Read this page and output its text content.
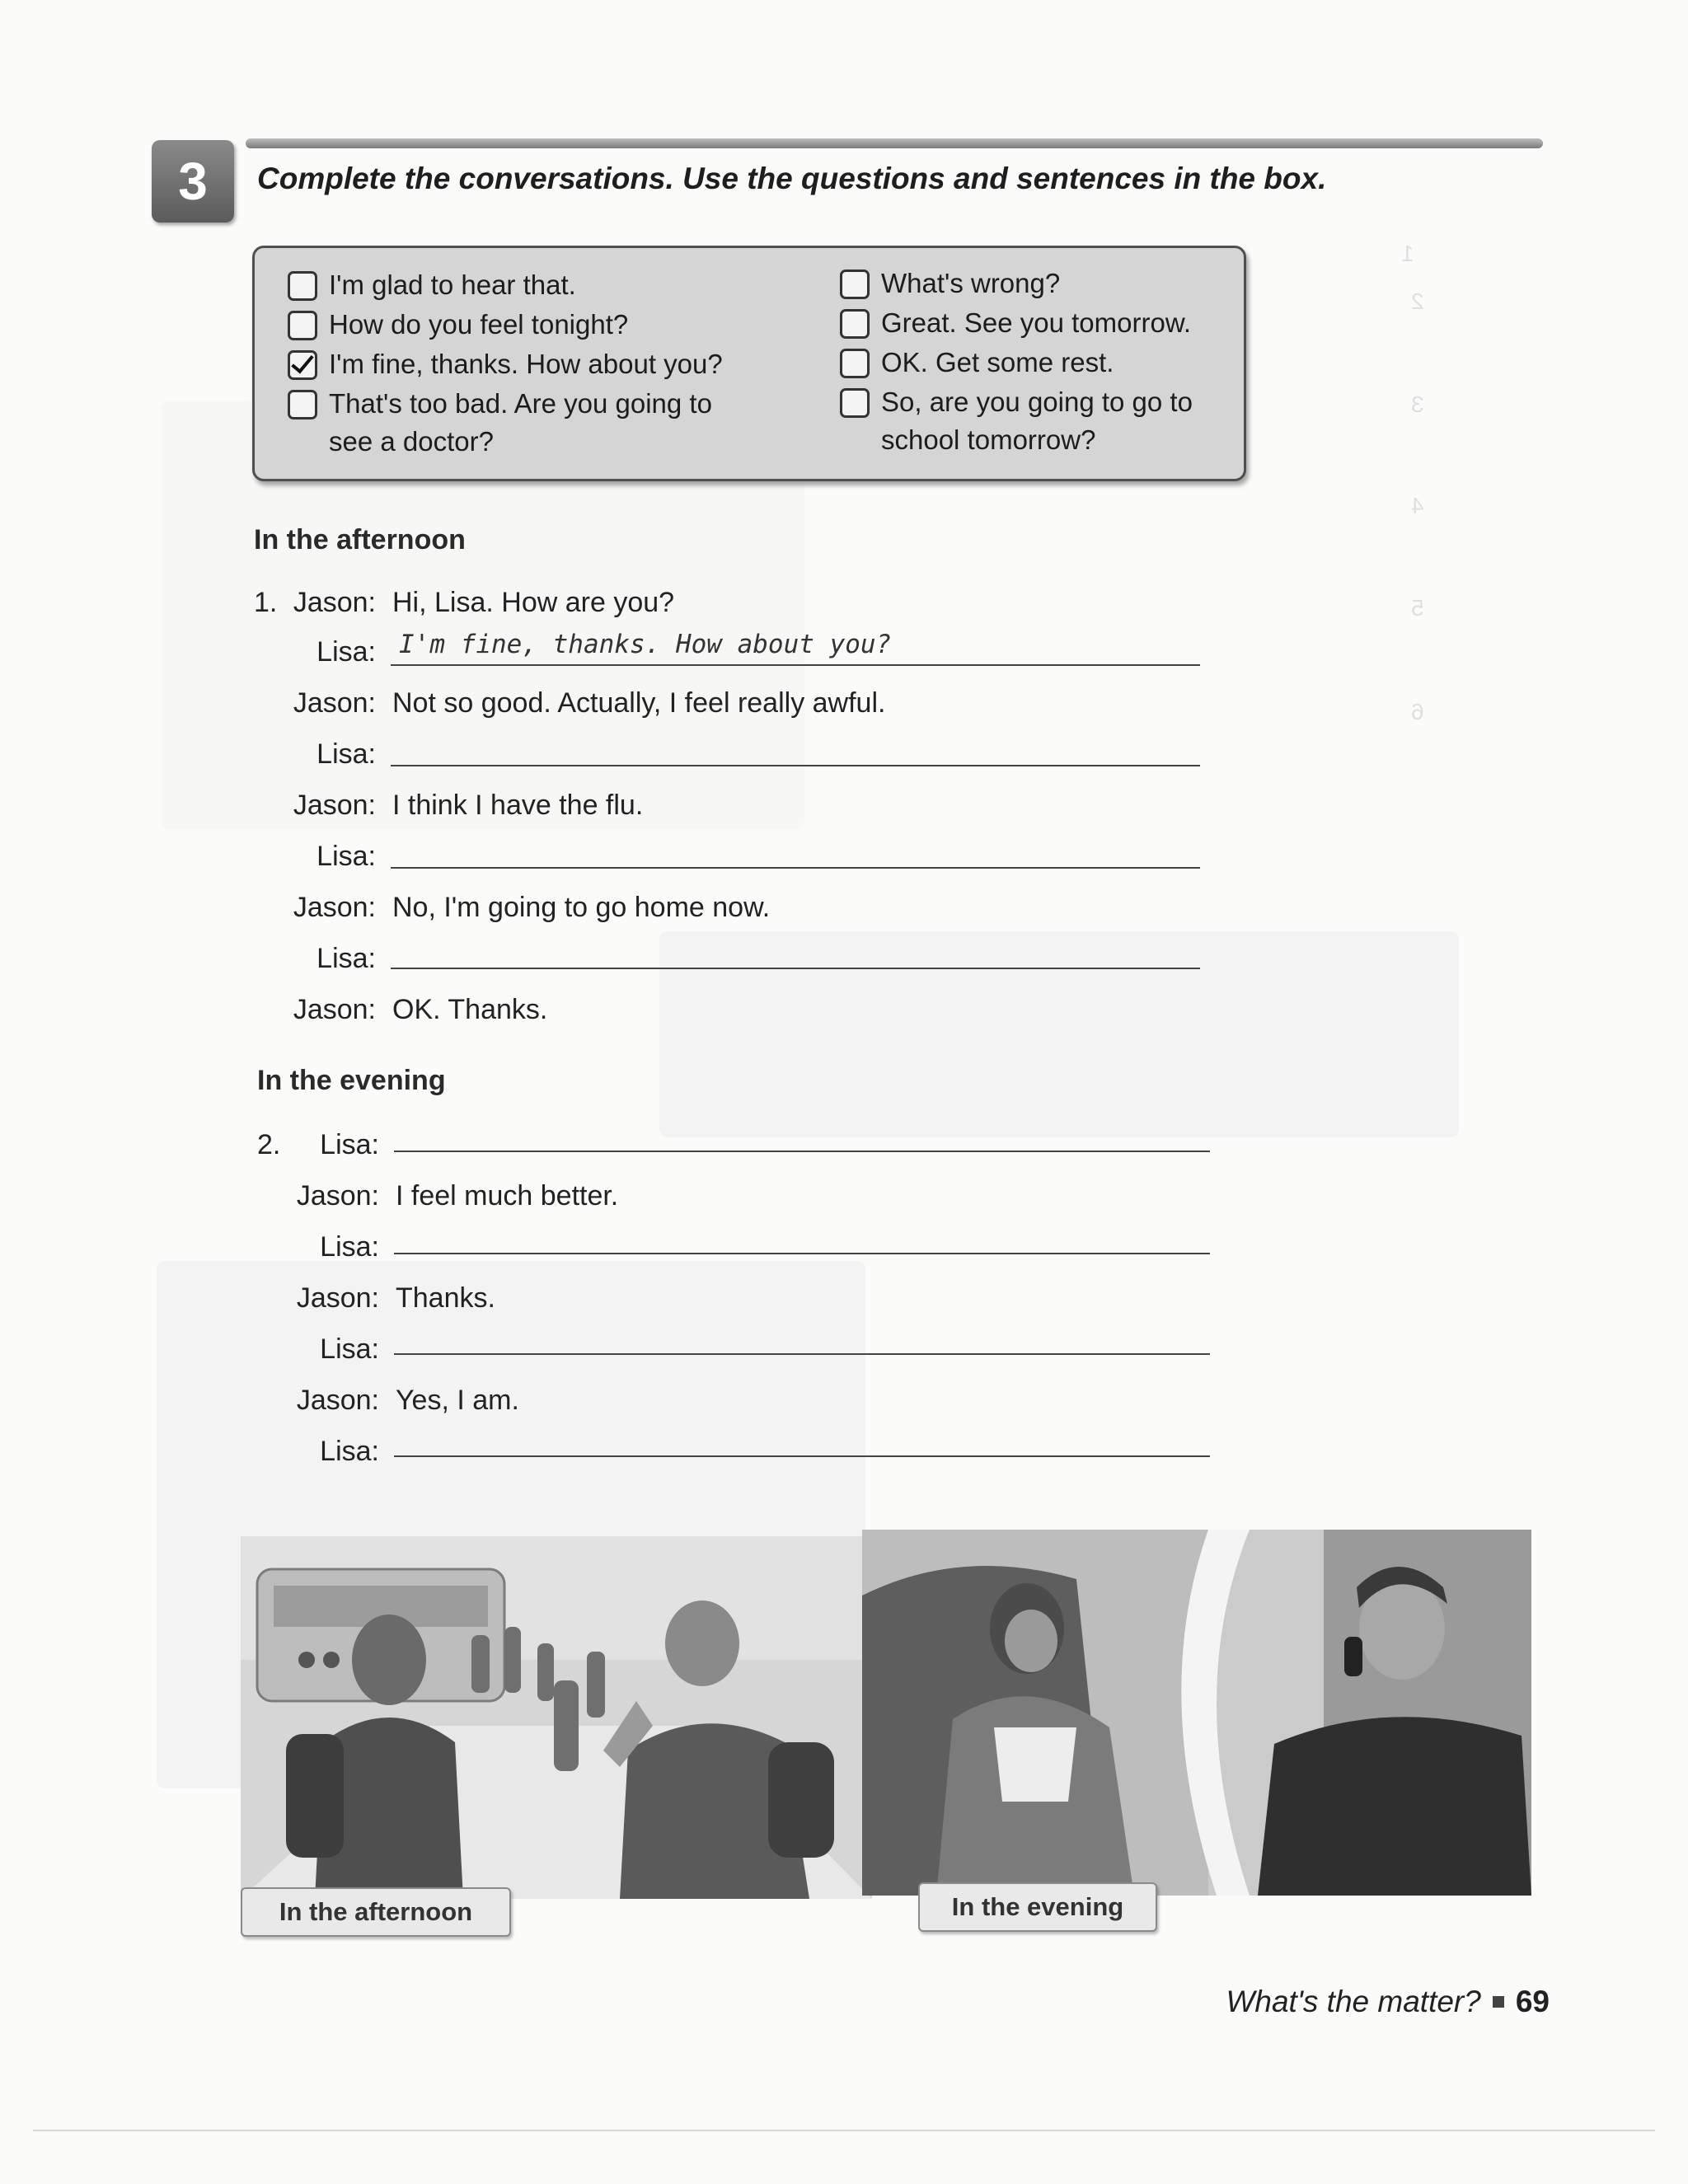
1
2
3
4
5
6
3 Complete the conversations. Use the questions and sentences in the box.
I'm glad to hear that.
How do you feel tonight?
I'm fine, thanks. How about you?
That's too bad. Are you going to see a doctor?
What's wrong?
Great. See you tomorrow.
OK. Get some rest.
So, are you going to go to school tomorrow?
In the afternoon
1. Jason: Hi, Lisa. How are you?
Lisa: I'm fine, thanks. How about you?
Jason: Not so good. Actually, I feel really awful.
Lisa:
Jason: I think I have the flu.
Lisa:
Jason: No, I'm going to go home now.
Lisa:
Jason: OK. Thanks.
In the evening
2.	Lisa:
Jason: I feel much better.
Lisa:
Jason: Thanks.
Lisa:
Jason: Yes, I am.
Lisa:
In the afternoon	In the evening
What's the matter? 69
